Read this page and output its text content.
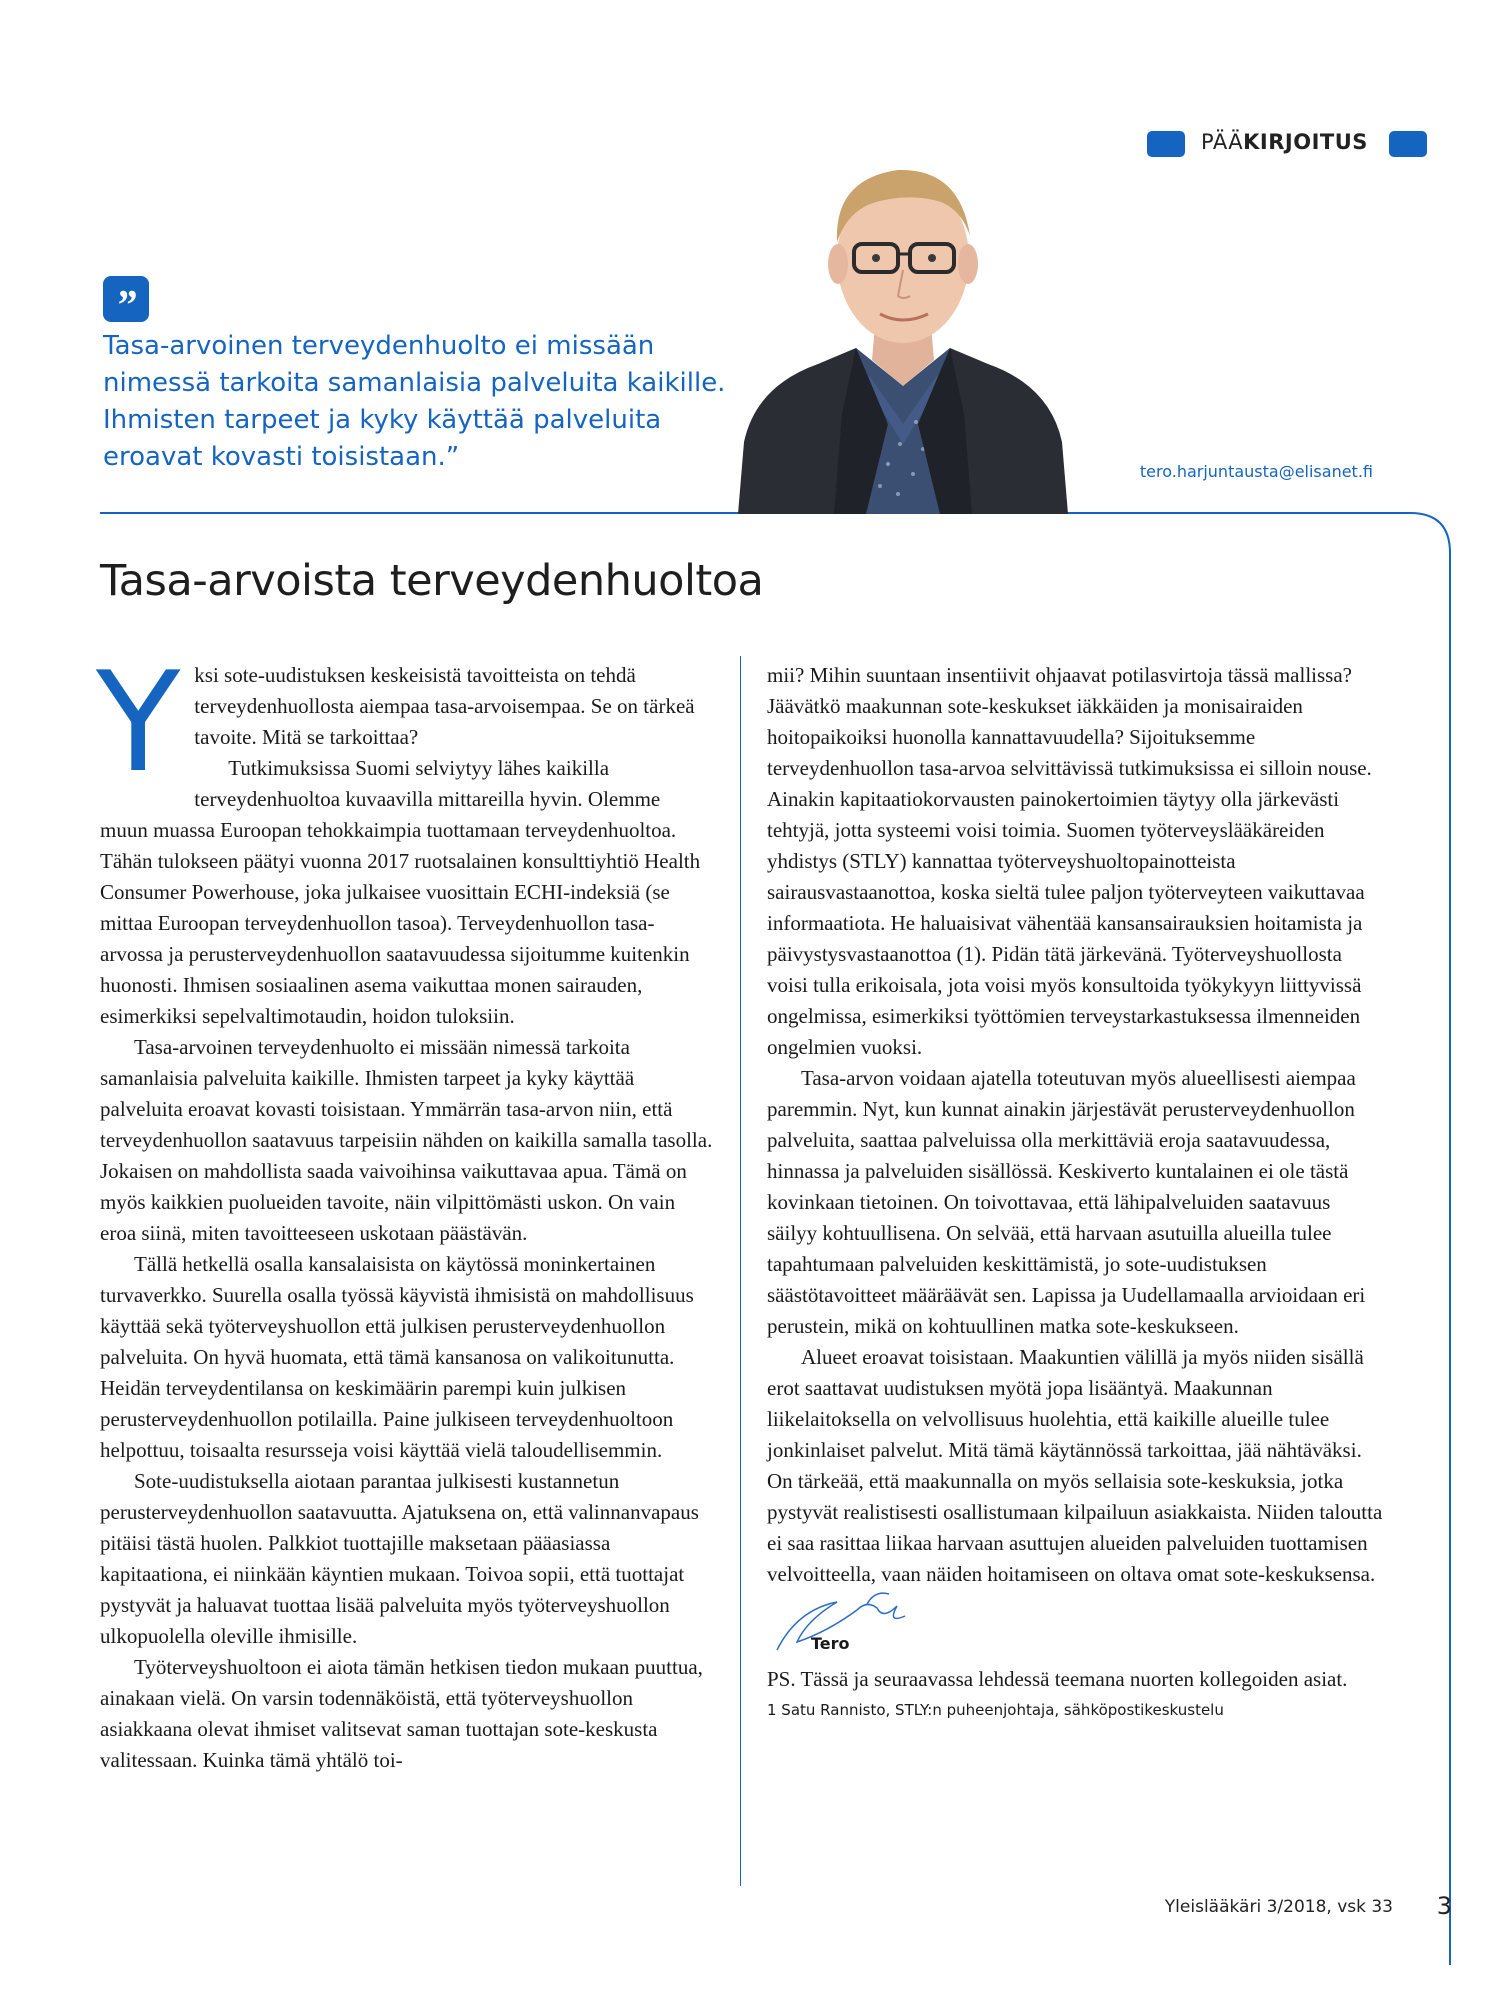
PÄÄKIRJOITUS
”

Tasa-arvoinen terveydenhuolto ei missään

nimessä tarkoita samanlaisia palveluita kaikille.

Ihmisten tarpeet ja kyky käyttää palveluita

eroavat kovasti toisistaan.”	tero.harjuntausta@elisanet.fi
Tasa-arvoista terveydenhuoltoa

Yksi sote-uudistuksen keskeisistä tavoitteista on tehdä terveydenhuollosta aiempaa tasa-arvoisempaa. Se on tärkeä tavoite. Mitä se tarkoittaa?

Tutkimuksissa Suomi selviytyy lähes kaikilla terveydenhuoltoa kuvaavilla mittareilla hyvin. Olemme muun muassa Euroopan tehokkaimpia tuottamaan terveydenhuoltoa. Tähän tulokseen päätyi vuonna 2017 ruotsalainen konsulttiyhtiö Health Consumer Powerhouse, joka julkaisee vuosittain ECHI-indeksiä (se mittaa Euroopan terveydenhuollon tasoa). Terveydenhuollon tasa-arvossa ja perusterveydenhuollon saatavuudessa sijoitumme kuitenkin huonosti. Ihmisen sosiaalinen asema vaikuttaa monen sairauden, esimerkiksi sepelvaltimotaudin, hoidon tuloksiin.

Tasa-arvoinen terveydenhuolto ei missään nimessä tarkoita samanlaisia palveluita kaikille. Ihmisten tarpeet ja kyky käyttää palveluita eroavat kovasti toisistaan. Ymmärrän tasa-arvon niin, että terveydenhuollon saatavuus tarpeisiin nähden on kaikilla samalla tasolla. Jokaisen on mahdollista saada vaivoihinsa vaikuttavaa apua. Tämä on myös kaikkien puolueiden tavoite, näin vilpittömästi uskon. On vain eroa siinä, miten tavoitteeseen uskotaan päästävän.

Tällä hetkellä osalla kansalaisista on käytössä moninkertainen turvaverkko. Suurella osalla työssä käyvistä ihmisistä on mahdollisuus käyttää sekä työterveyshuollon että julkisen perusterveydenhuollon palveluita. On hyvä huomata, että tämä kansanosa on valikoitunutta. Heidän terveydentilansa on keskimäärin parempi kuin julkisen perusterveydenhuollon potilailla. Paine julkiseen terveydenhuoltoon helpottuu, toisaalta resursseja voisi käyttää vielä taloudellisemmin.

Sote-uudistuksella aiotaan parantaa julkisesti kustannetun perusterveydenhuollon saatavuutta. Ajatuksena on, että valinnanvapaus pitäisi tästä huolen. Palkkiot tuottajille maksetaan pääasiassa kapitaationa, ei niinkään käyntien mukaan. Toivoa sopii, että tuottajat pystyvät ja haluavat tuottaa lisää palveluita myös työterveyshuollon ulkopuolella oleville ihmisille.

Työterveyshuoltoon ei aiota tämän hetkisen tiedon mukaan puuttua, ainakaan vielä. On varsin todennäköistä, että työterveyshuollon asiakkaana olevat ihmiset valitsevat saman tuottajan sote-keskusta valitessaan. Kuinka tämä yhtälö toi-

mii? Mihin suuntaan insentiivit ohjaavat potilasvirtoja tässä mallissa? Jäävätkö maakunnan sote-keskukset iäkkäiden ja monisairaiden hoitopaikoiksi huonolla kannattavuudella? Sijoituksemme terveydenhuollon tasa-arvoa selvittävissä tutkimuksissa ei silloin nouse. Ainakin kapitaatiokorvausten painokertoimien täytyy olla järkevästi tehtyjä, jotta systeemi voisi toimia. Suomen työterveyslääkäreiden yhdistys (STLY) kannattaa työterveyshuoltopainotteista sairausvastaanottoa, koska sieltä tulee paljon työterveyteen vaikuttavaa informaatiota. He haluaisivat vähentää kansansairauksien hoitamista ja päivystysvastaanottoa (1). Pidän tätä järkevänä. Työterveyshuollosta voisi tulla erikoisala, jota voisi myös konsultoida työkykyyn liittyvissä ongelmissa, esimerkiksi työttömien terveystarkastuksessa ilmenneiden ongelmien vuoksi.

Tasa-arvon voidaan ajatella toteutuvan myös alueellisesti aiempaa paremmin. Nyt, kun kunnat ainakin järjestävät perusterveydenhuollon palveluita, saattaa palveluissa olla merkittäviä eroja saatavuudessa, hinnassa ja palveluiden sisällössä. Keskiverto kuntalainen ei ole tästä kovinkaan tietoinen. On toivottavaa, että lähipalveluiden saatavuus säilyy kohtuullisena. On selvää, että harvaan asutuilla alueilla tulee tapahtumaan palveluiden keskittämistä, jo sote-uudistuksen säästötavoitteet määräävät sen. Lapissa ja Uudellamaalla arvioidaan eri perustein, mikä on kohtuullinen matka sote-keskukseen.

Alueet eroavat toisistaan. Maakuntien välillä ja myös niiden sisällä erot saattavat uudistuksen myötä jopa lisääntyä. Maakunnan liikelaitoksella on velvollisuus huolehtia, että kaikille alueille tulee jonkinlaiset palvelut. Mitä tämä käytännössä tarkoittaa, jää nähtäväksi. On tärkeää, että maakunnalla on myös sellaisia sote-keskuksia, jotka pystyvät realistisesti osallistumaan kilpailuun asiakkaista. Niiden taloutta ei saa rasittaa liikaa harvaan asuttujen alueiden palveluiden tuottamisen velvoitteella, vaan näiden hoitamiseen on oltava omat sote-keskuksensa.

Tero

PS. Tässä ja seuraavassa lehdessä teemana nuorten kollegoiden asiat.

1 Satu Rannisto, STLY:n puheenjohtaja, sähköpostikeskustelu

Yleislääkäri 3/2018, vsk 33 3
